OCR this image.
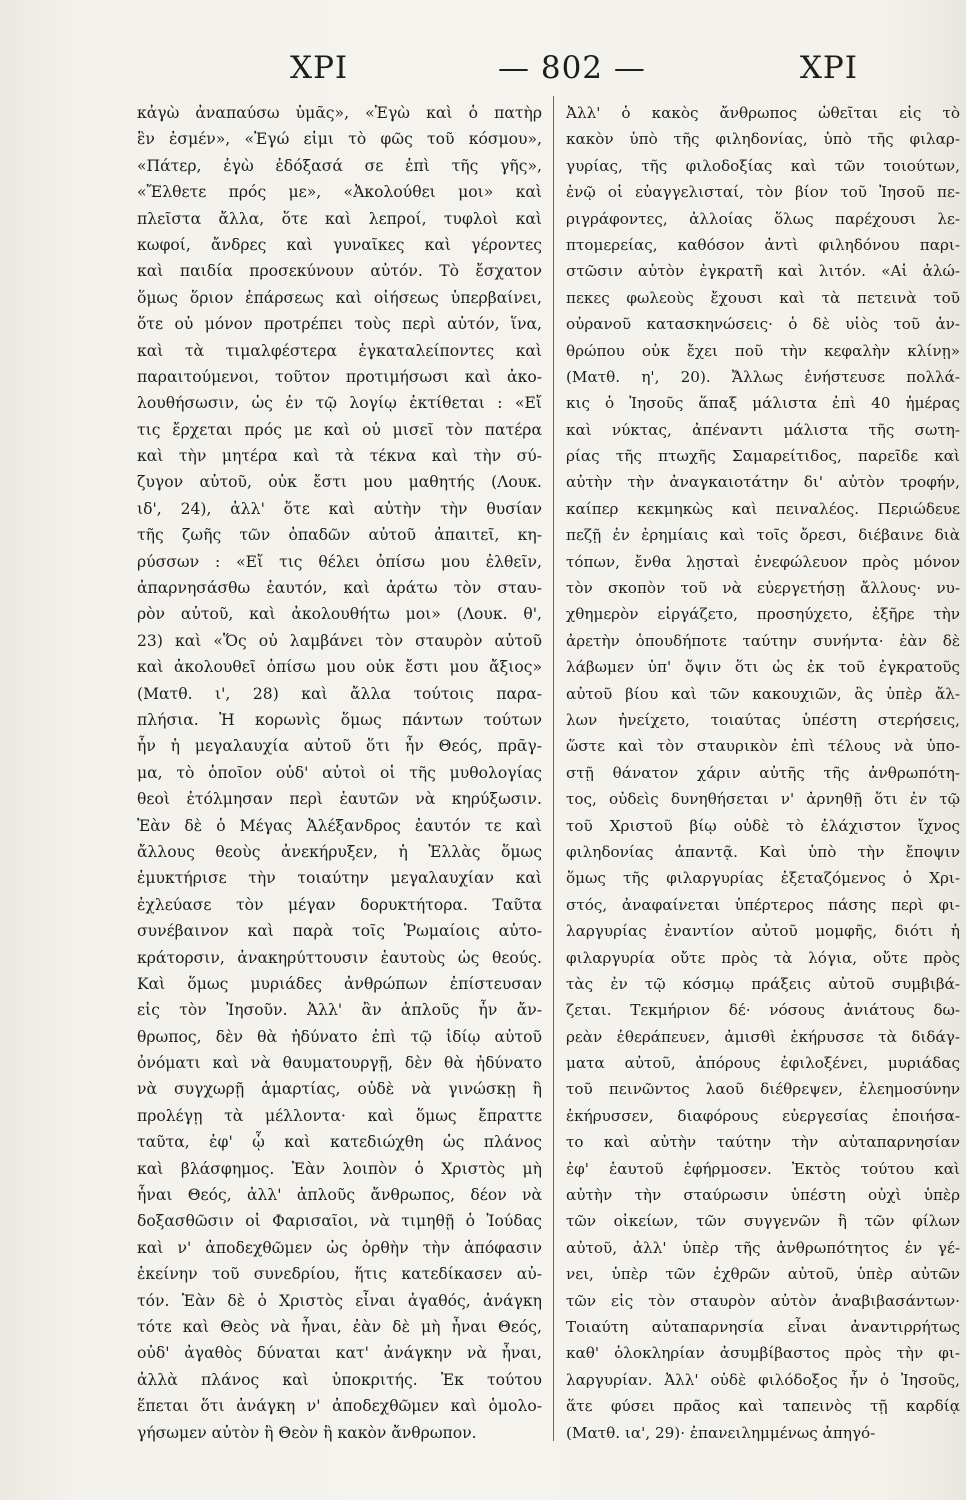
ΧΡΙ	— 802 —	ΧΡΙ
κἀγὼ ἀναπαύσω ὑμᾶς», «Ἐγὼ καὶ ὁ πατὴρ
ἓν ἐσμέν», «Ἐγώ εἰμι τὸ φῶς τοῦ κόσμου»,
«Πάτερ, ἐγὼ ἐδόξασά σε ἐπὶ τῆς γῆς»,
«Ἔλθετε πρός με», «Ἀκολούθει μοι» καὶ
πλεῖστα ἄλλα, ὅτε καὶ λεπροί, τυφλοὶ καὶ
κωφοί, ἄνδρες καὶ γυναῖκες καὶ γέροντες
καὶ παιδία προσεκύνουν αὐτόν. Τὸ ἔσχατον
ὅμως ὅριον ἐπάρσεως καὶ οἰήσεως ὑπερβαίνει,
ὅτε οὐ μόνον προτρέπει τοὺς περὶ αὐτόν, ἵνα,
καὶ τὰ τιμαλφέστερα ἐγκαταλείποντες καὶ
παραιτούμενοι, τοῦτον προτιμήσωσι καὶ ἀκο-
λουθήσωσιν, ὡς ἐν τῷ λογίῳ ἐκτίθεται : «Εἴ
τις ἔρχεται πρός με καὶ οὐ μισεῖ τὸν πατέρα
καὶ τὴν μητέρα καὶ τὰ τέκνα καὶ τὴν σύ-
ζυγον αὐτοῦ, οὐκ ἔστι μου μαθητής (Λουκ.
ιδ', 24), ἀλλ' ὅτε καὶ αὐτὴν τὴν θυσίαν
τῆς ζωῆς τῶν ὀπαδῶν αὐτοῦ ἀπαιτεῖ, κη-
ρύσσων : «Εἴ τις θέλει ὀπίσω μου ἐλθεῖν,
ἀπαρνησάσθω ἑαυτόν, καὶ ἀράτω τὸν σταυ-
ρὸν αὐτοῦ, καὶ ἀκολουθήτω μοι» (Λουκ. θ',
23) καὶ «Ὅς οὐ λαμβάνει τὸν σταυρὸν αὐτοῦ
καὶ ἀκολουθεῖ ὀπίσω μου οὐκ ἔστι μου ἄξιος»
(Ματθ. ι', 28) καὶ ἄλλα τούτοις παρα-
πλήσια. Ἡ κορωνὶς ὅμως πάντων τούτων
ἦν ἡ μεγαλαυχία αὐτοῦ ὅτι ἦν Θεός, πρᾶγ-
μα, τὸ ὁποῖον οὐδ' αὐτοὶ οἱ τῆς μυθολογίας
θεοὶ ἐτόλμησαν περὶ ἑαυτῶν νὰ κηρύξωσιν.
Ἐὰν δὲ ὁ Μέγας Ἀλέξανδρος ἑαυτόν τε καὶ
ἄλλους θεοὺς ἀνεκήρυξεν, ἡ Ἑλλὰς ὅμως
ἐμυκτήρισε τὴν τοιαύτην μεγαλαυχίαν καὶ
ἐχλεύασε τὸν μέγαν δορυκτήτορα. Ταῦτα
συνέβαινον καὶ παρὰ τοῖς Ῥωμαίοις αὐτο-
κράτορσιν, ἀνακηρύττουσιν ἑαυτοὺς ὡς θεούς.
Καὶ ὅμως μυριάδες ἀνθρώπων ἐπίστευσαν
εἰς τὸν Ἰησοῦν. Ἀλλ' ἂν ἁπλοῦς ἦν ἄν-
θρωπος, δὲν θὰ ἠδύνατο ἐπὶ τῷ ἰδίῳ αὐτοῦ
ὀνόματι καὶ νὰ θαυματουργῇ, δὲν θὰ ἠδύνατο
νὰ συγχωρῇ ἁμαρτίας, οὐδὲ νὰ γινώσκῃ ἢ
προλέγῃ τὰ μέλλοντα· καὶ ὅμως ἔπραττε
ταῦτα, ἐφ' ᾧ καὶ κατεδιώχθη ὡς πλάνος
καὶ βλάσφημος. Ἐὰν λοιπὸν ὁ Χριστὸς μὴ
ἦναι Θεός, ἀλλ' ἁπλοῦς ἄνθρωπος, δέον νὰ
δοξασθῶσιν οἱ Φαρισαῖοι, νὰ τιμηθῇ ὁ Ἰούδας
καὶ ν' ἀποδεχθῶμεν ὡς ὀρθὴν τὴν ἀπόφασιν
ἐκείνην τοῦ συνεδρίου, ἥτις κατεδίκασεν αὐ-
τόν. Ἐὰν δὲ ὁ Χριστὸς εἶναι ἀγαθός, ἀνάγκη
τότε καὶ Θεὸς νὰ ἦναι, ἐὰν δὲ μὴ ἦναι Θεός,
οὐδ' ἀγαθὸς δύναται κατ' ἀνάγκην νὰ ἦναι,
ἀλλὰ πλάνος καὶ ὑποκριτής. Ἐκ τούτου
ἕπεται ὅτι ἀνάγκη ν' ἀποδεχθῶμεν καὶ ὁμολο-
γήσωμεν αὐτὸν ἢ Θεὸν ἢ κακὸν ἄνθρωπον.
Ἀλλ' ὁ κακὸς ἄνθρωπος ὠθεῖται εἰς τὸ
κακὸν ὑπὸ τῆς φιληδονίας, ὑπὸ τῆς φιλαρ-
γυρίας, τῆς φιλοδοξίας καὶ τῶν τοιούτων,
ἐνῷ οἱ εὐαγγελισταί, τὸν βίον τοῦ Ἰησοῦ πε-
ριγράφοντες, ἀλλοίας ὅλως παρέχουσι λε-
πτομερείας, καθόσον ἀντὶ φιληδόνου παρι-
στῶσιν αὐτὸν ἐγκρατῆ καὶ λιτόν. «Αἱ ἀλώ-
πεκες φωλεοὺς ἔχουσι καὶ τὰ πετεινὰ τοῦ
οὐρανοῦ κατασκηνώσεις· ὁ δὲ υἱὸς τοῦ ἀν-
θρώπου οὐκ ἔχει ποῦ τὴν κεφαλὴν κλίνῃ»
(Ματθ. η', 20). Ἄλλως ἐνήστευσε πολλά-
κις ὁ Ἰησοῦς ἅπαξ μάλιστα ἐπὶ 40 ἡμέρας
καὶ νύκτας, ἀπέναντι μάλιστα τῆς σωτη-
ρίας τῆς πτωχῆς Σαμαρείτιδος, παρεῖδε καὶ
αὐτὴν τὴν ἀναγκαιοτάτην δι' αὐτὸν τροφήν,
καίπερ κεκμηκὼς καὶ πειναλέος. Περιώδευε
πεζῇ ἐν ἐρημίαις καὶ τοῖς ὄρεσι, διέβαινε διὰ
τόπων, ἔνθα λῃσταὶ ἐνεφώλευον πρὸς μόνον
τὸν σκοπὸν τοῦ νὰ εὐεργετήσῃ ἄλλους· νυ-
χθημερὸν εἰργάζετο, προσηύχετο, ἐξῆρε τὴν
ἀρετὴν ὁπουδήποτε ταύτην συνήντα· ἐὰν δὲ
λάβωμεν ὑπ' ὄψιν ὅτι ὡς ἐκ τοῦ ἐγκρατοῦς
αὐτοῦ βίου καὶ τῶν κακουχιῶν, ἃς ὑπὲρ ἄλ-
λων ἠνείχετο, τοιαύτας ὑπέστη στερήσεις,
ὥστε καὶ τὸν σταυρικὸν ἐπὶ τέλους νὰ ὑπο-
στῇ θάνατον χάριν αὐτῆς τῆς ἀνθρωπότη-
τος, οὐδεὶς δυνηθήσεται ν' ἀρνηθῇ ὅτι ἐν τῷ
τοῦ Χριστοῦ βίῳ οὐδὲ τὸ ἐλάχιστον ἴχνος
φιληδονίας ἀπαντᾷ. Καὶ ὑπὸ τὴν ἔποψιν
ὅμως τῆς φιλαργυρίας ἐξεταζόμενος ὁ Χρι-
στός, ἀναφαίνεται ὑπέρτερος πάσης περὶ φι-
λαργυρίας ἐναντίον αὐτοῦ μομφῆς, διότι ἡ
φιλαργυρία οὔτε πρὸς τὰ λόγια, οὔτε πρὸς
τὰς ἐν τῷ κόσμῳ πράξεις αὐτοῦ συμβιβά-
ζεται. Τεκμήριον δέ· νόσους ἀνιάτους δω-
ρεὰν ἐθεράπευεν, ἀμισθὶ ἐκήρυσσε τὰ διδάγ-
ματα αὐτοῦ, ἀπόρους ἐφιλοξένει, μυριάδας
τοῦ πεινῶντος λαοῦ διέθρεψεν, ἐλεημοσύνην
ἐκήρυσσεν, διαφόρους εὐεργεσίας ἐποιήσα-
το καὶ αὐτὴν ταύτην τὴν αὐταπαρνησίαν
ἐφ' ἑαυτοῦ ἐφήρμοσεν. Ἐκτὸς τούτου καὶ
αὐτὴν τὴν σταύρωσιν ὑπέστη οὐχὶ ὑπὲρ
τῶν οἰκείων, τῶν συγγενῶν ἢ τῶν φίλων
αὐτοῦ, ἀλλ' ὑπὲρ τῆς ἀνθρωπότητος ἐν γέ-
νει, ὑπὲρ τῶν ἐχθρῶν αὐτοῦ, ὑπὲρ αὐτῶν
τῶν εἰς τὸν σταυρὸν αὐτὸν ἀναβιβασάντων·
Τοιαύτη αὐταπαρνησία εἶναι ἀναντιρρήτως
καθ' ὁλοκληρίαν ἀσυμβίβαστος πρὸς τὴν φι-
λαργυρίαν. Ἀλλ' οὐδὲ φιλόδοξος ἦν ὁ Ἰησοῦς,
ἅτε φύσει πρᾶος καὶ ταπεινὸς τῇ καρδίᾳ
(Ματθ. ια', 29)· ἐπανειλημμένως ἀπηγό-
